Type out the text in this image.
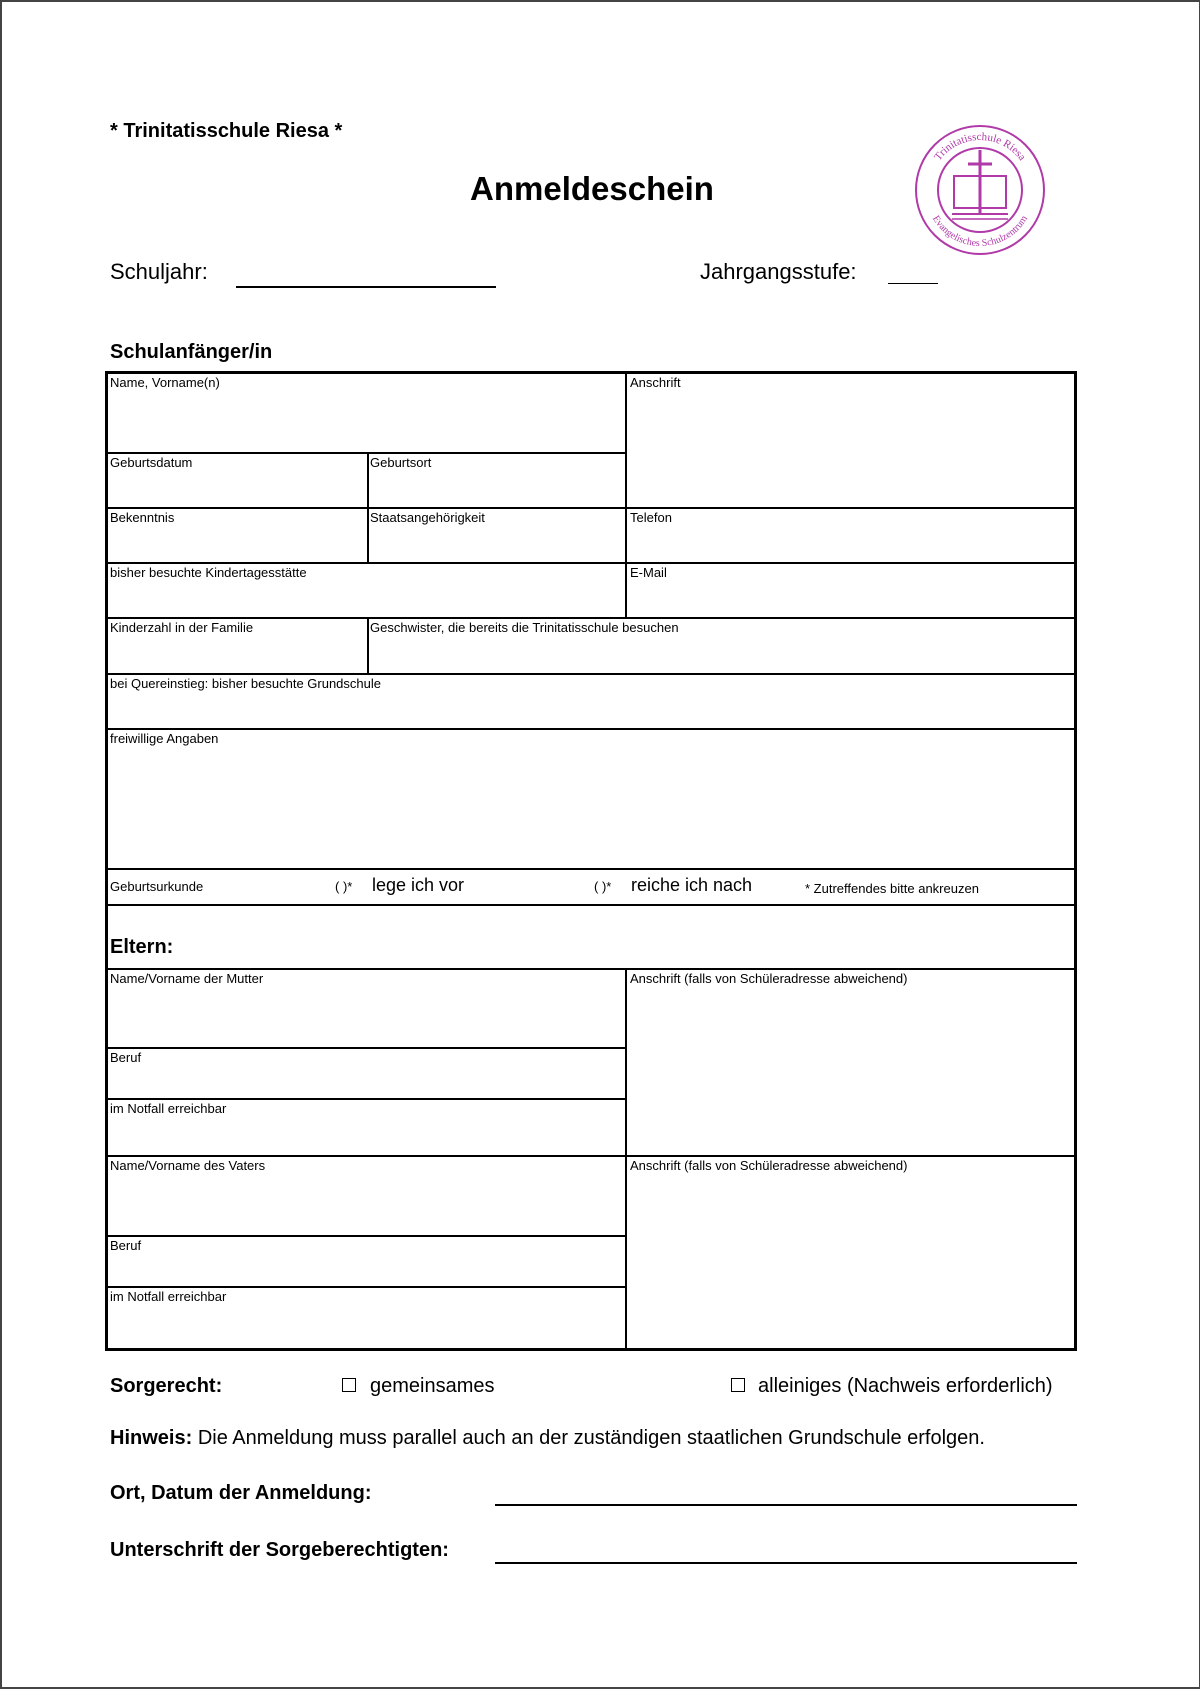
* Trinitatisschule Riesa *
Anmeldeschein
Trinitatisschule Riesa
Evangelisches Schulzentrum
Schuljahr:	Jahrgangsstufe:
Schulanfänger/in
Name, Vorname(n)	Anschrift
Geburtsdatum	Geburtsort
Bekenntnis	Staatsangehörigkeit	Telefon
bisher besuchte Kindertagesstätte	E-Mail
Kinderzahl in der Familie	Geschwister, die bereits die Trinitatisschule besuchen
bei Quereinstieg: bisher besuchte Grundschule
freiwillige Angaben
Geburtsurkunde	( )* lege ich vor	( )* reiche ich nach	* Zutreffendes bitte ankreuzen
Eltern:
Name/Vorname der Mutter	Anschrift (falls von Schüleradresse abweichend)
Beruf
im Notfall erreichbar
Name/Vorname des Vaters	Anschrift (falls von Schüleradresse abweichend)
Beruf
im Notfall erreichbar
Sorgerecht:	gemeinsames	alleiniges (Nachweis erforderlich)
Hinweis: Die Anmeldung muss parallel auch an der zuständigen staatlichen Grundschule erfolgen.
Ort, Datum der Anmeldung:
Unterschrift der Sorgeberechtigten:
